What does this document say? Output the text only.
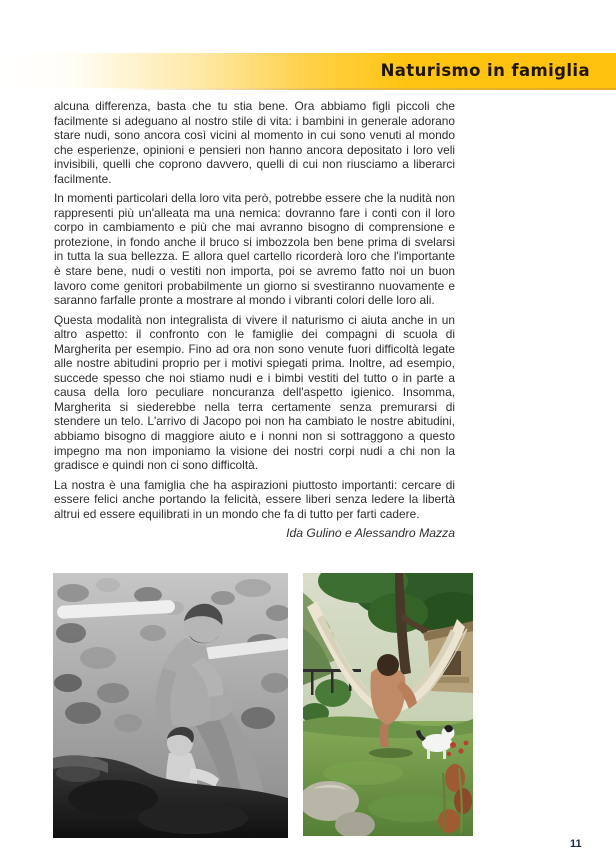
Naturismo in famiglia

alcuna differenza, basta che tu stia bene. Ora abbiamo figli piccoli che facilmente si adeguano al nostro stile di vita: i bambini in generale adorano stare nudi, sono ancora così vicini al momento in cui sono venuti al mondo che esperienze, opinioni e pensieri non hanno ancora depositato i loro veli invisibili, quelli che coprono davvero, quelli di cui non riusciamo a liberarci facilmente.

In momenti particolari della loro vita però, potrebbe essere che la nudità non rappresenti più un'alleata ma una nemica: dovranno fare i conti con il loro corpo in cambiamento e più che mai avranno bisogno di comprensione e protezione, in fondo anche il bruco si imbozzola ben bene prima di svelarsi in tutta la sua bellezza. E allora quel cartello ricorderà loro che l'importante è stare bene, nudi o vestiti non importa, poi se avremo fatto noi un buon lavoro come genitori probabilmente un giorno si svestiranno nuovamente e saranno farfalle pronte a mostrare al mondo i vibranti colori delle loro ali.

Questa modalità non integralista di vivere il naturismo ci aiuta anche in un altro aspetto: il confronto con le famiglie dei compagni di scuola di Margherita per esempio. Fino ad ora non sono venute fuori difficoltà legate alle nostre abitudini proprio per i motivi spiegati prima. Inoltre, ad esempio, succede spesso che noi stiamo nudi e i bimbi vestiti del tutto o in parte a causa della loro peculiare noncuranza dell'aspetto igienico. Insomma, Margherita si siederebbe nella terra certamente senza premurarsi di stendere un telo. L'arrivo di Jacopo poi non ha cambiato le nostre abitudini, abbiamo bisogno di maggiore aiuto e i nonni non si sottraggono a questo impegno ma non imponiamo la visione dei nostri corpi nudi a chi non la gradisce e quindi non ci sono difficoltà.

La nostra è una famiglia che ha aspirazioni piuttosto importanti: cercare di essere felici anche portando la felicità, essere liberi senza ledere la libertà altrui ed essere equilibrati in un mondo che fa di tutto per farti cadere.

Ida Gulino e Alessandro Mazza
11
